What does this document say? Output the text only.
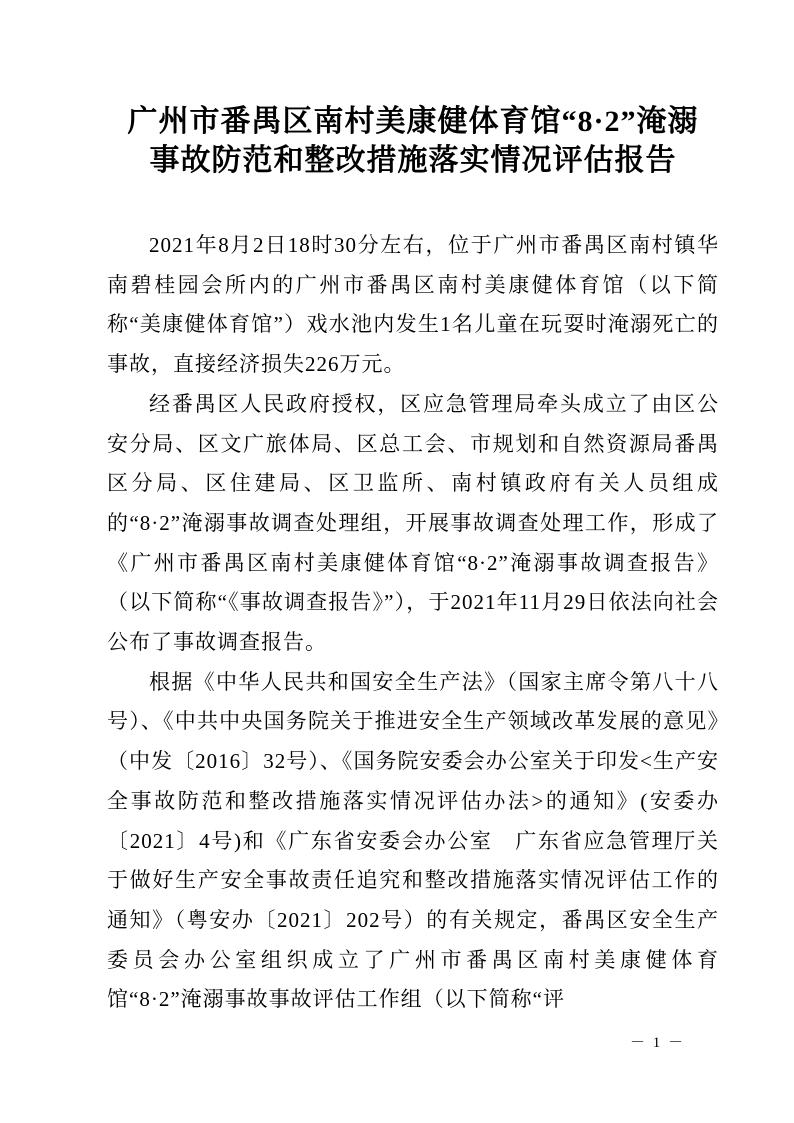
广州市番禺区南村美康健体育馆“8·2”淹溺
事故防范和整改措施落实情况评估报告

2021年8月2日18时30分左右，位于广州市番禺区南村镇华南碧桂园会所内的广州市番禺区南村美康健体育馆（以下简称“美康健体育馆”）戏水池内发生1名儿童在玩耍时淹溺死亡的事故，直接经济损失226万元。

经番禺区人民政府授权，区应急管理局牵头成立了由区公安分局、区文广旅体局、区总工会、市规划和自然资源局番禺区分局、区住建局、区卫监所、南村镇政府有关人员组成的“8·2”淹溺事故调查处理组，开展事故调查处理工作，形成了《广州市番禺区南村美康健体育馆“8·2”淹溺事故调查报告》（以下简称“《事故调查报告》”），于2021年11月29日依法向社会公布了事故调查报告。

根据《中华人民共和国安全生产法》（国家主席令第八十八号）、《中共中央国务院关于推进安全生产领域改革发展的意见》（中发〔2016〕32号）、《国务院安委会办公室关于印发<生产安全事故防范和整改措施落实情况评估办法>的通知》(安委办〔2021〕4号)和《广东省安委会办公室　广东省应急管理厅关于做好生产安全事故责任追究和整改措施落实情况评估工作的通知》（粤安办〔2021〕202号）的有关规定，番禺区安全生产委员会办公室组织成立了广州市番禺区南村美康健体育馆“8·2”淹溺事故事故评估工作组（以下简称“评

－ 1 －
